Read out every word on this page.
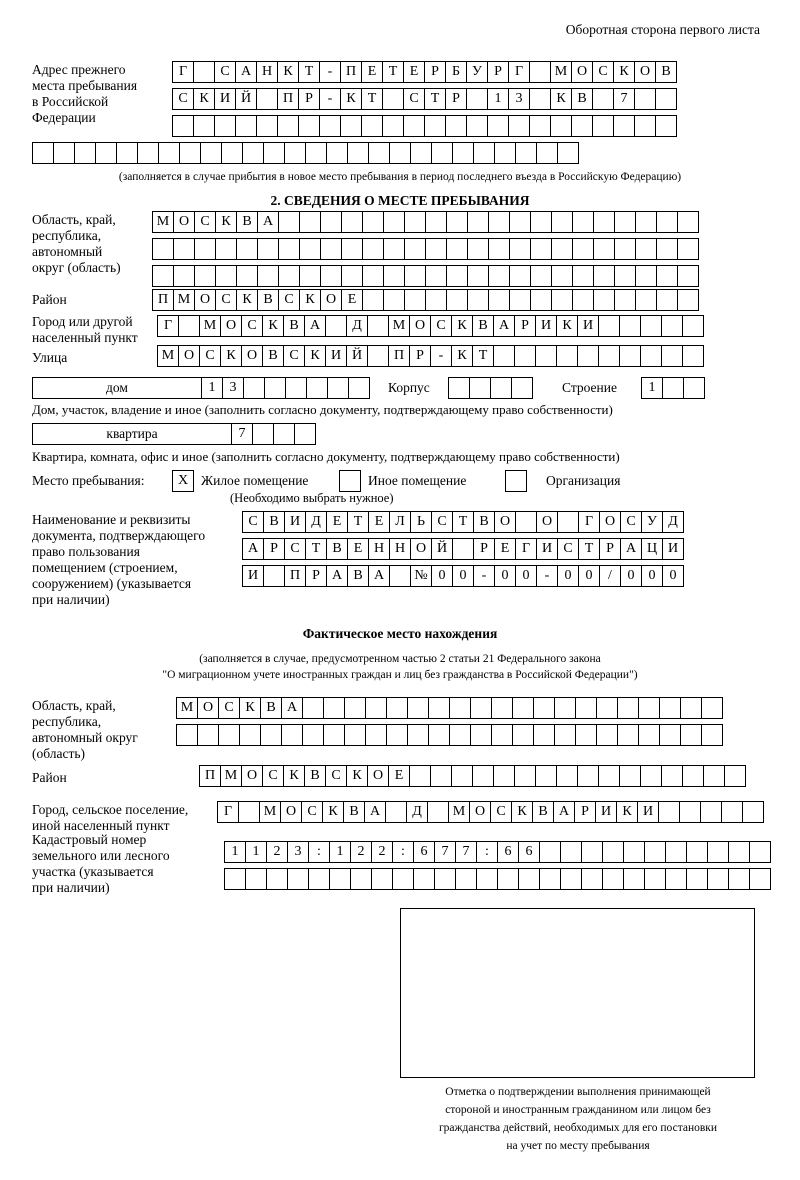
Оборотная сторона первого листа
Адрес прежнего
места пребывания
в Российской
Федерации
Г	С А Н К Т	- П Е Т Е Р Б У Р Г	М О С К О В
С К И Й	П Р	-	К Т	С Т Р	1	3	К В	7
(заполняется в случае прибытия в новое место пребывания в период последнего въезда в Российскую Федерацию)
2. СВЕДЕНИЯ О МЕСТЕ ПРЕБЫВАНИЯ
Область, край,
республика,
автономный
округ (область)
М О С К В А
Район	П М О С К В С К О Е
Город или другой
населенный пункт
Г	М О С К В А	Д	М О С К В А Р И К И
Улица	М О С К О В С К И Й	П Р	-	К Т
дом	1	3	Корпус	Строение	1
Дом, участок, владение и иное (заполнить согласно документу, подтверждающему право собственности)
квартира	7
Квартира, комната, офис и иное (заполнить согласно документу, подтверждающему право собственности)
Место пребывания:	X Жилое помещение	Иное помещение	Организация
(Необходимо выбрать нужное)
Наименование и реквизиты
документа, подтверждающего
право пользования
помещением (строением,
сооружением) (указывается
при наличии)
С В И Д Е Т Е Л Ь С Т В О	О	Г О С У Д
А Р С Т В Е Н Н О Й	Р Е Г И С Т Р А Ц И
И	П Р А В А	№ 0	0	-	0	0	-	0	0	/	0	0	0
Фактическое место нахождения
(заполняется в случае, предусмотренном частью 2 статьи 21 Федерального закона
"О миграционном учете иностранных граждан и лиц без гражданства в Российской Федерации")
Область, край,
республика,
автономный округ
(область)
М О С К В А
Район	П М О С К В С К О Е
Город, сельское поселение,
иной населенный пункт
Г	М О С К В А	Д	М О С К В А Р И К И
Кадастровый номер
земельного или лесного
участка (указывается
при наличии)
1	1	2	3	:	1	2	2	:	6	7	7	:	6	6
Отметка о подтверждении выполнения принимающей
стороной и иностранным гражданином или лицом без
гражданства действий, необходимых для его постановки
на учет по месту пребывания
